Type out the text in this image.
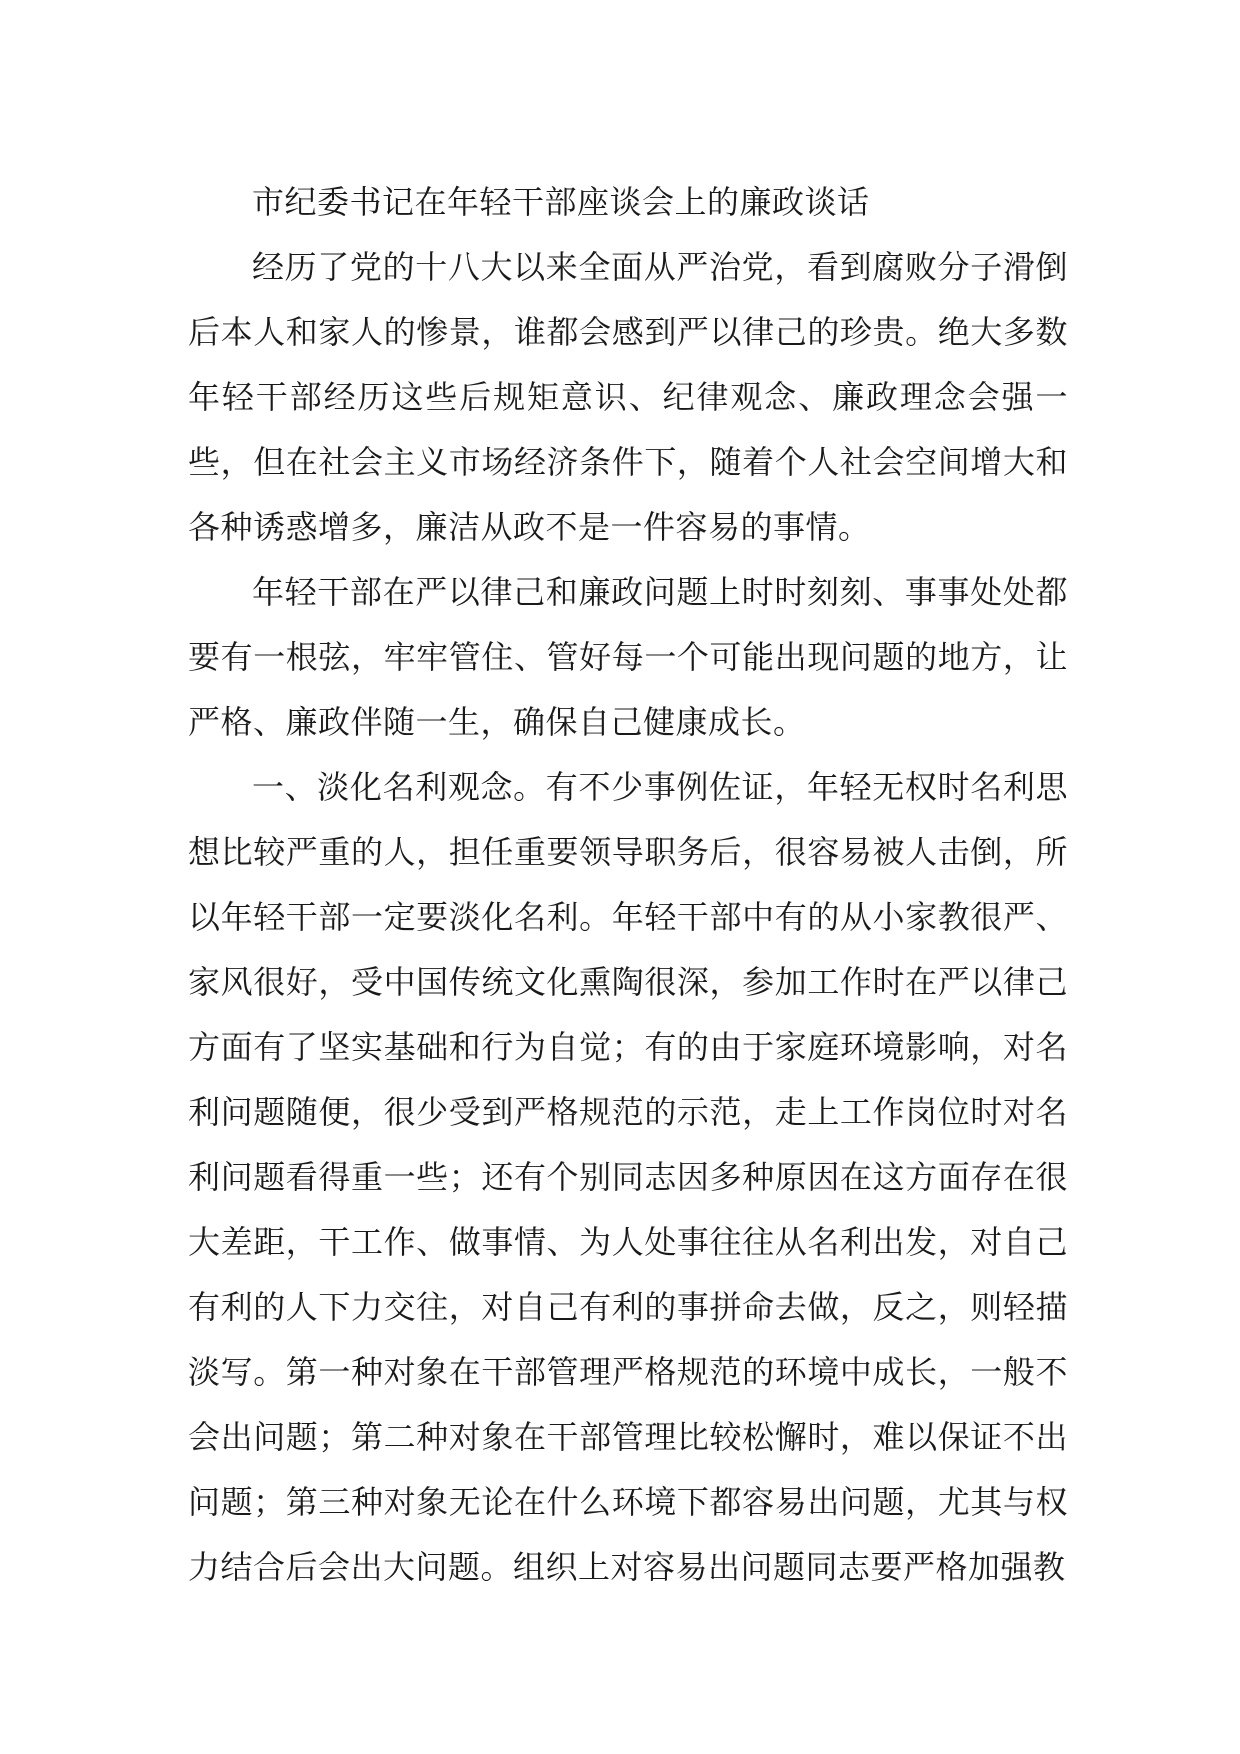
市纪委书记在年轻干部座谈会上的廉政谈话

经历了党的十八大以来全面从严治党，看到腐败分子滑倒后本人和家人的惨景，谁都会感到严以律己的珍贵。绝大多数年轻干部经历这些后规矩意识、纪律观念、廉政理念会强一些，但在社会主义市场经济条件下，随着个人社会空间增大和各种诱惑增多，廉洁从政不是一件容易的事情。

年轻干部在严以律己和廉政问题上时时刻刻、事事处处都要有一根弦，牢牢管住、管好每一个可能出现问题的地方，让严格、廉政伴随一生，确保自己健康成长。

一、淡化名利观念。有不少事例佐证，年轻无权时名利思想比较严重的人，担任重要领导职务后，很容易被人击倒，所以年轻干部一定要淡化名利。年轻干部中有的从小家教很严、家风很好，受中国传统文化熏陶很深，参加工作时在严以律己方面有了坚实基础和行为自觉；有的由于家庭环境影响，对名利问题随便，很少受到严格规范的示范，走上工作岗位时对名利问题看得重一些；还有个别同志因多种原因在这方面存在很大差距，干工作、做事情、为人处事往往从名利出发，对自己有利的人下力交往，对自己有利的事拼命去做，反之，则轻描淡写。第一种对象在干部管理严格规范的环境中成长，一般不会出问题；第二种对象在干部管理比较松懈时，难以保证不出问题；第三种对象无论在什么环境下都容易出问题，尤其与权力结合后会出大问题。组织上对容易出问题同志要严格加强教
